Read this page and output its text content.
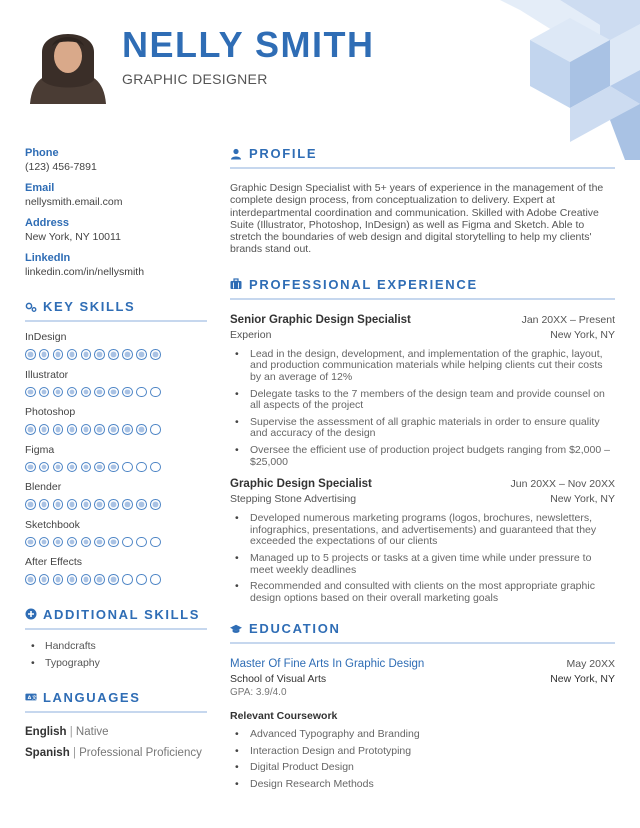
NELLY SMITH
GRAPHIC DESIGNER
Phone
(123) 456-7891
Email
nellysmith.email.com
Address
New York, NY 10011
LinkedIn
linkedin.com/in/nellysmith
KEY SKILLS
InDesign
Illustrator
Photoshop
Figma
Blender
Sketchbook
After Effects
ADDITIONAL SKILLS
• Handcrafts
• Typography
A 文 LANGUAGES
English | Native
Spanish | Professional Proficiency
PROFILE
Graphic Design Specialist with 5+ years of experience in the management of the complete design process, from conceptualization to delivery. Expert at interdepartmental coordination and communication. Skilled with Adobe Creative Suite (Illustrator, Photoshop, InDesign) as well as Figma and Sketch. Able to stretch the boundaries of web design and digital storytelling to help my clients' brands stand out.
PROFESSIONAL EXPERIENCE
Senior Graphic Design Specialist	Jan 20XX – Present
Experion	New York, NY
• Lead in the design, development, and implementation of the graphic, layout, and production communication materials while helping clients cut their costs by an average of 12%
• Delegate tasks to the 7 members of the design team and provide counsel on all aspects of the project
• Supervise the assessment of all graphic materials in order to ensure quality and accuracy of the design
• Oversee the efficient use of production project budgets ranging from $2,000 – $25,000
Graphic Design Specialist	Jun 20XX – Nov 20XX
Stepping Stone Advertising	New York, NY
• Developed numerous marketing programs (logos, brochures, newsletters, infographics, presentations, and advertisements) and guaranteed that they exceeded the expectations of our clients
• Managed up to 5 projects or tasks at a given time while under pressure to meet weekly deadlines
• Recommended and consulted with clients on the most appropriate graphic design options based on their overall marketing goals
EDUCATION
Master Of Fine Arts In Graphic Design	May 20XX
School of Visual Arts	New York, NY
GPA: 3.9/4.0
Relevant Coursework
• Advanced Typography and Branding
• Interaction Design and Prototyping
• Digital Product Design
• Design Research Methods
